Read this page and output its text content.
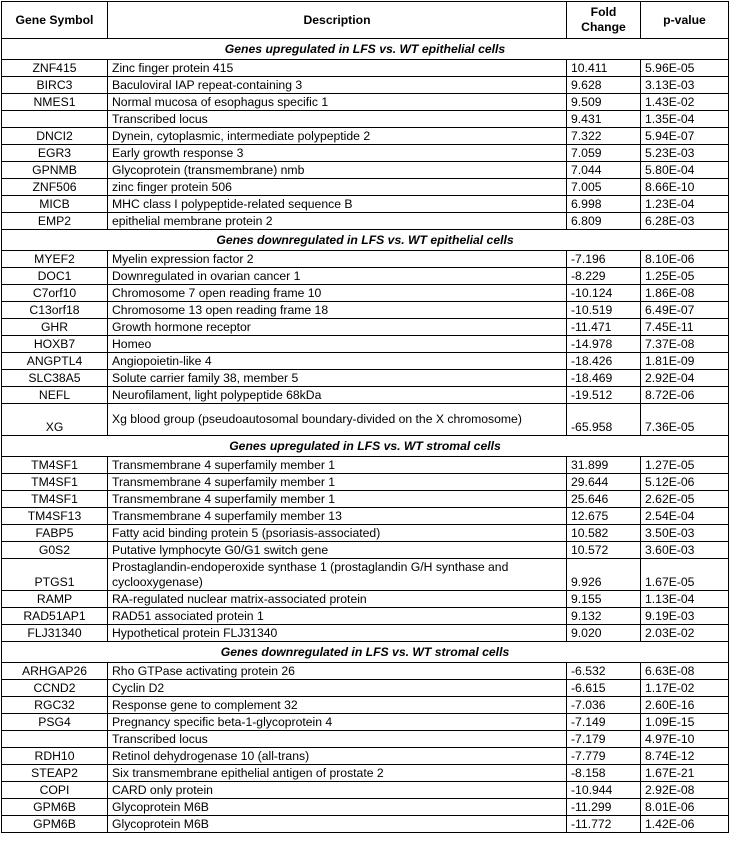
Gene Symbol	Description	Fold Change	p-value
Genes upregulated in LFS vs. WT epithelial cells			
ZNF415	Zinc finger protein 415	10.411	5.96E-05
BIRC3	Baculoviral IAP repeat-containing 3	9.628	3.13E-03
NMES1	Normal mucosa of esophagus specific 1	9.509	1.43E-02
	Transcribed locus	9.431	1.35E-04
DNCI2	Dynein, cytoplasmic, intermediate polypeptide 2	7.322	5.94E-07
EGR3	Early growth response 3	7.059	5.23E-03
GPNMB	Glycoprotein (transmembrane) nmb	7.044	5.80E-04
ZNF506	zinc finger protein 506	7.005	8.66E-10
MICB	MHC class I polypeptide-related sequence B	6.998	1.23E-04
EMP2	epithelial membrane protein 2	6.809	6.28E-03
Genes downregulated in LFS vs. WT epithelial cells			
MYEF2	Myelin expression factor 2	-7.196	8.10E-06
DOC1	Downregulated in ovarian cancer 1	-8.229	1.25E-05
C7orf10	Chromosome 7 open reading frame 10	-10.124	1.86E-08
C13orf18	Chromosome 13 open reading frame 18	-10.519	6.49E-07
GHR	Growth hormone receptor	-11.471	7.45E-11
HOXB7	Homeo	-14.978	7.37E-08
ANGPTL4	Angiopoietin-like 4	-18.426	1.81E-09
SLC38A5	Solute carrier family 38, member 5	-18.469	2.92E-04
NEFL	Neurofilament, light polypeptide 68kDa	-19.512	8.72E-06
XG	Xg blood group (pseudoautosomal boundary-divided on the X chromosome)	-65.958	7.36E-05
Genes upregulated in LFS vs. WT stromal cells			
TM4SF1	Transmembrane 4 superfamily member 1	31.899	1.27E-05
TM4SF1	Transmembrane 4 superfamily member 1	29.644	5.12E-06
TM4SF1	Transmembrane 4 superfamily member 1	25.646	2.62E-05
TM4SF13	Transmembrane 4 superfamily member 13	12.675	2.54E-04
FABP5	Fatty acid binding protein 5 (psoriasis-associated)	10.582	3.50E-03
G0S2	Putative lymphocyte G0/G1 switch gene	10.572	3.60E-03
PTGS1	Prostaglandin-endoperoxide synthase 1 (prostaglandin G/H synthase and cyclooxygenase)	9.926	1.67E-05
RAMP	RA-regulated nuclear matrix-associated protein	9.155	1.13E-04
RAD51AP1	RAD51 associated protein 1	9.132	9.19E-03
FLJ31340	Hypothetical protein FLJ31340	9.020	2.03E-02
Genes downregulated in LFS vs. WT stromal cells			
ARHGAP26	Rho GTPase activating protein 26	-6.532	6.63E-08
CCND2	Cyclin D2	-6.615	1.17E-02
RGC32	Response gene to complement 32	-7.036	2.60E-16
PSG4	Pregnancy specific beta-1-glycoprotein 4	-7.149	1.09E-15
	Transcribed locus	-7.179	4.97E-10
RDH10	Retinol dehydrogenase 10 (all-trans)	-7.779	8.74E-12
STEAP2	Six transmembrane epithelial antigen of prostate 2	-8.158	1.67E-21
COPI	CARD only protein	-10.944	2.92E-08
GPM6B	Glycoprotein M6B	-11.299	8.01E-06
GPM6B	Glycoprotein M6B	-11.772	1.42E-06
